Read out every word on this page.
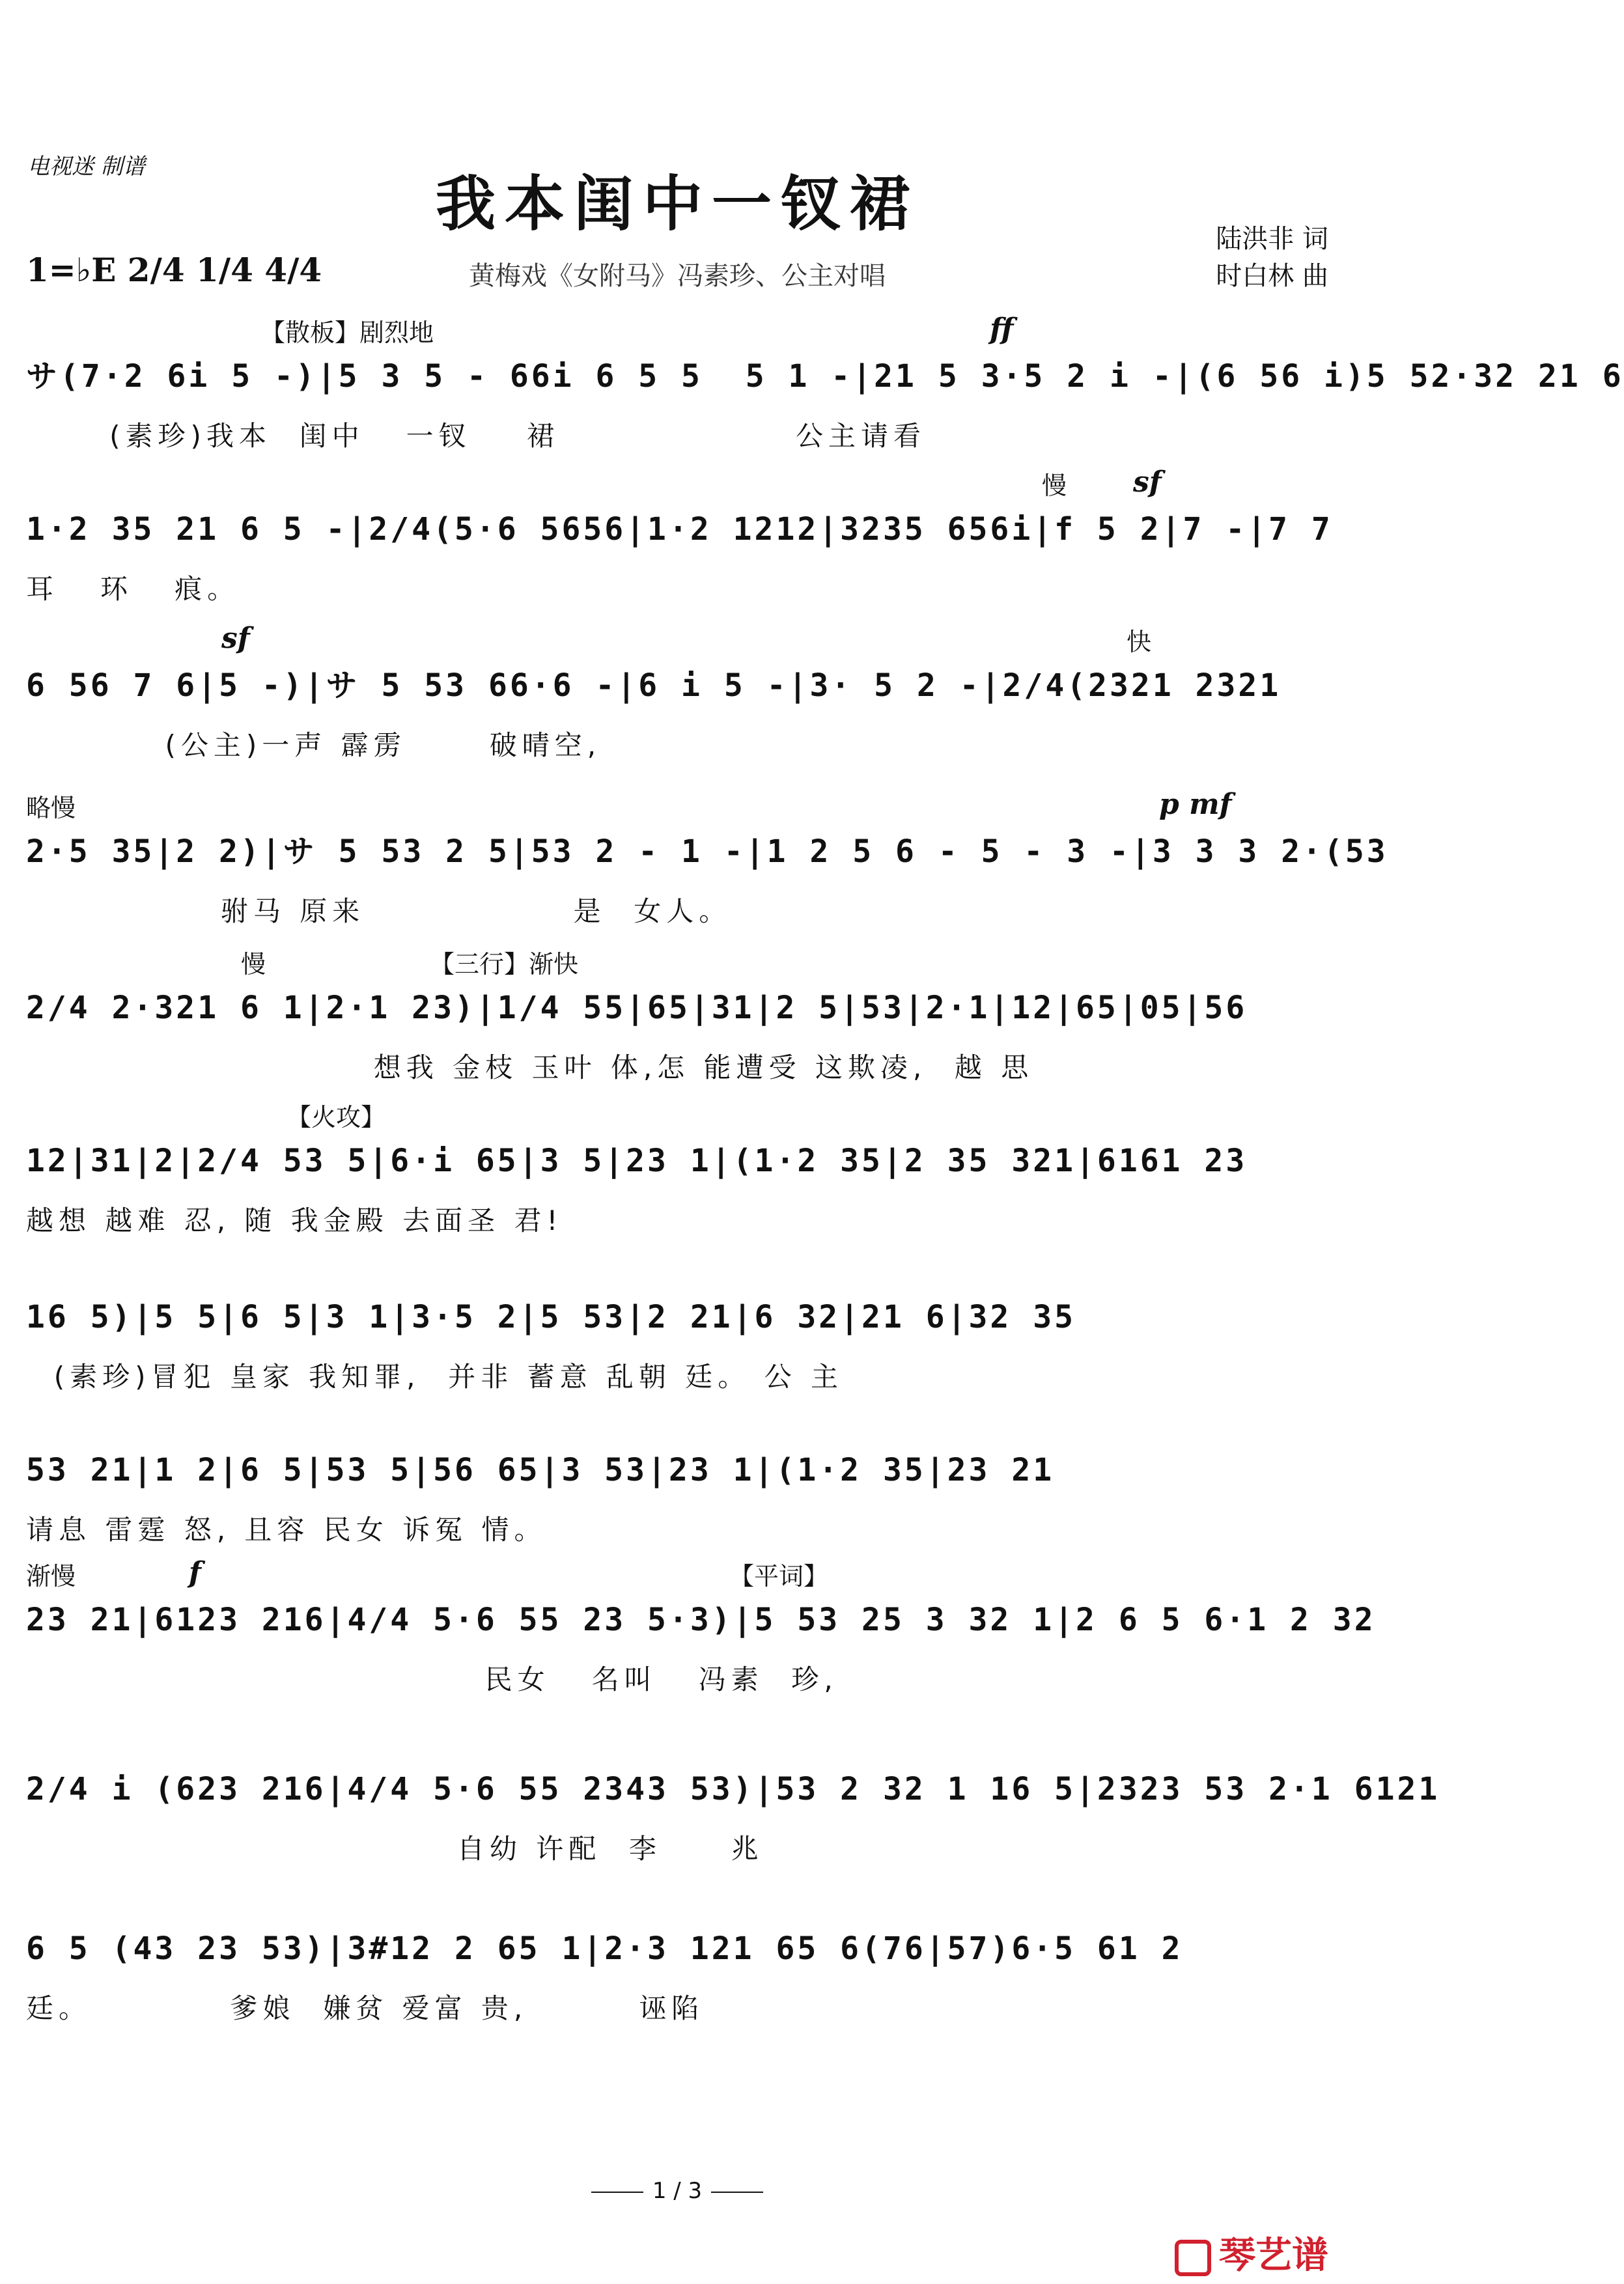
电视迷 制谱
我本闺中一钗裙
1=♭E 2/4 1/4 4/4	黄梅戏《女附马》冯素珍、公主对唱
陆洪非 词
时白林 曲
【散板】剧烈地	ff
サ(7·2 6i 5 -)|5 3 5 - 66i 6 5 5  5 1 -|21 5 3·5 2 i -|(6 56 i)5 52·32 21 6
(素珍)我本  闺中   一钗    裙                 公主请看
慢 sf
1·2 35 21 6 5 -|2/4(5·6 5656|1·2 1212|3235 656i|f 5 2|7 -|7 7
耳   环   痕。
sf	快
6 56 7 6|5 -)|サ 5 53 66·6 -|6 i 5 -|3· 5 2 -|2/4(2321 2321
(公主)一声 霹雳      破晴空,
略慢	p mf
2·5 35|2 2)|サ 5 53 2 5|53 2 - 1 -|1 2 5 6 - 5 - 3 -|3 3 3 2·(53
驸马 原来               是  女人。
慢	【三行】渐快
2/4 2·321 6 1|2·1 23)|1/4 55|65|31|2 5|53|2·1|12|65|05|56
想我 金枝 玉叶 体,怎 能遭受 这欺凌,  越 思
【火攻】
12|31|2|2/4 53 5|6·i 65|3 5|23 1|(1·2 35|2 35 321|6161 23
越想 越难 忍, 随 我金殿 去面圣 君!
16 5)|5 5|6 5|3 1|3·5 2|5 53|2 21|6 32|21 6|32 35
(素珍)冒犯 皇家 我知罪,  并非 蓄意 乱朝 廷。 公 主
53 21|1 2|6 5|53 5|56 65|3 53|23 1|(1·2 35|23 21
请息 雷霆 怒, 且容 民女 诉冤 情。
渐慢	f	【平词】
23 21|6123 216|4/4 5·6 55 23 5·3)|5 53 25 3 32 1|2 6 5 6·1 2 32
民女   名叫   冯素  珍,
2/4 i (623 216|4/4 5·6 55 2343 53)|53 2 32 1 16 5|2323 53 2·1 6121
自幼 许配  李     兆
6 5 (43 23 53)|3#12 2 65 1|2·3 121 65 6(76|57)6·5 61 2
廷。          爹娘  嫌贫 爱富 贵,        诬陷
1 / 3
琴艺谱
